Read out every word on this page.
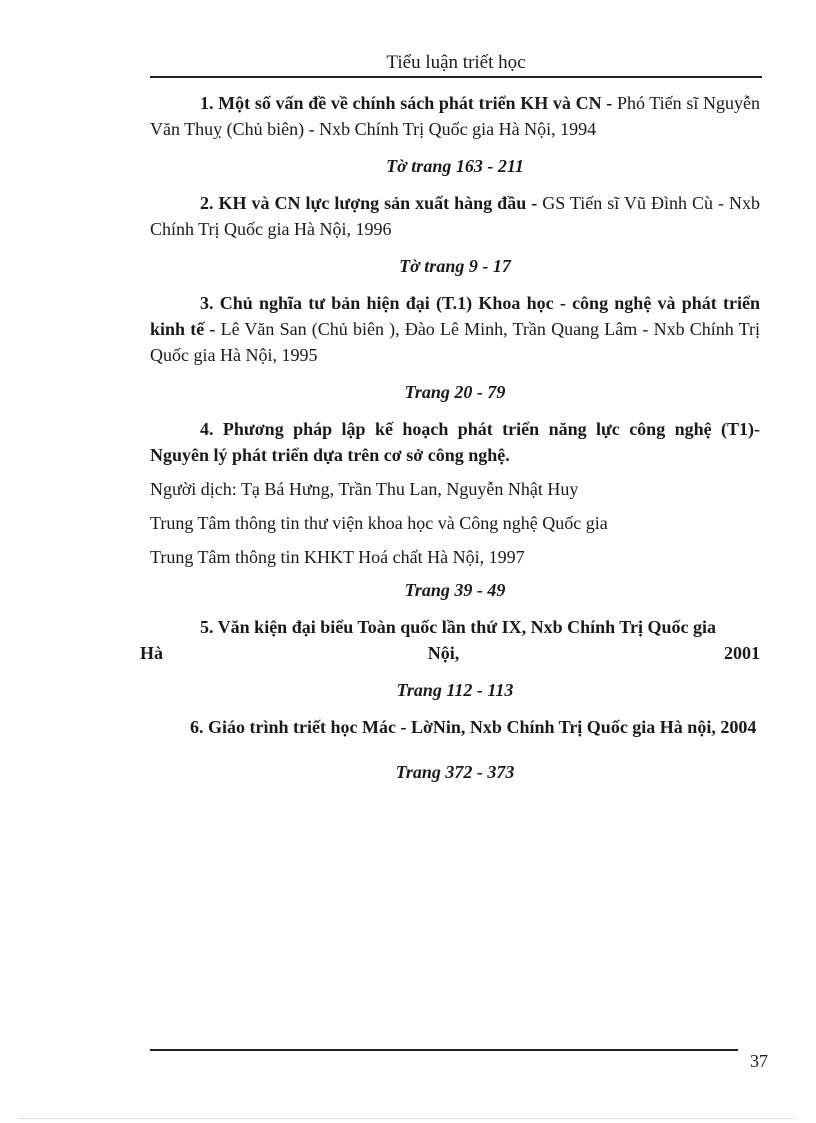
Tiểu luận triết học

1. Một số vấn đề về chính sách phát triển KH và CN - Phó Tiến sĩ Nguyễn Văn Thuỵ (Chủ biên) - Nxb Chính Trị Quốc gia Hà Nội, 1994

Tờ trang 163 - 211

2. KH và CN lực lượng sản xuất hàng đầu - GS Tiến sĩ Vũ Đình Cù - Nxb Chính Trị Quốc gia Hà Nội, 1996

Tờ trang 9 - 17

3. Chủ nghĩa tư bản hiện đại (T.1) Khoa học - công nghệ và phát triển kinh tế - Lê Văn San (Chủ biên ), Đào Lê Minh, Trần Quang Lâm - Nxb Chính Trị Quốc gia Hà Nội, 1995

Trang 20 - 79

4. Phương pháp lập kế hoạch phát triển năng lực công nghệ (T1)- Nguyên lý phát triển dựa trên cơ sở công nghệ.

Người dịch: Tạ Bá Hưng, Trần Thu Lan, Nguyễn Nhật Huy

Trung Tâm thông tin thư viện khoa học và Công nghệ Quốc gia

Trung Tâm thông tin KHKT Hoá chất Hà Nội, 1997

Trang 39 - 49

5. Văn kiện đại biểu Toàn quốc lần thứ IX, Nxb Chính Trị Quốc gia

Hà	Nội,	2001
Trang 112 - 113

6. Giáo trình triết học Mác - LờNin, Nxb Chính Trị Quốc gia Hà nội, 2004

Trang 372 - 373
37
